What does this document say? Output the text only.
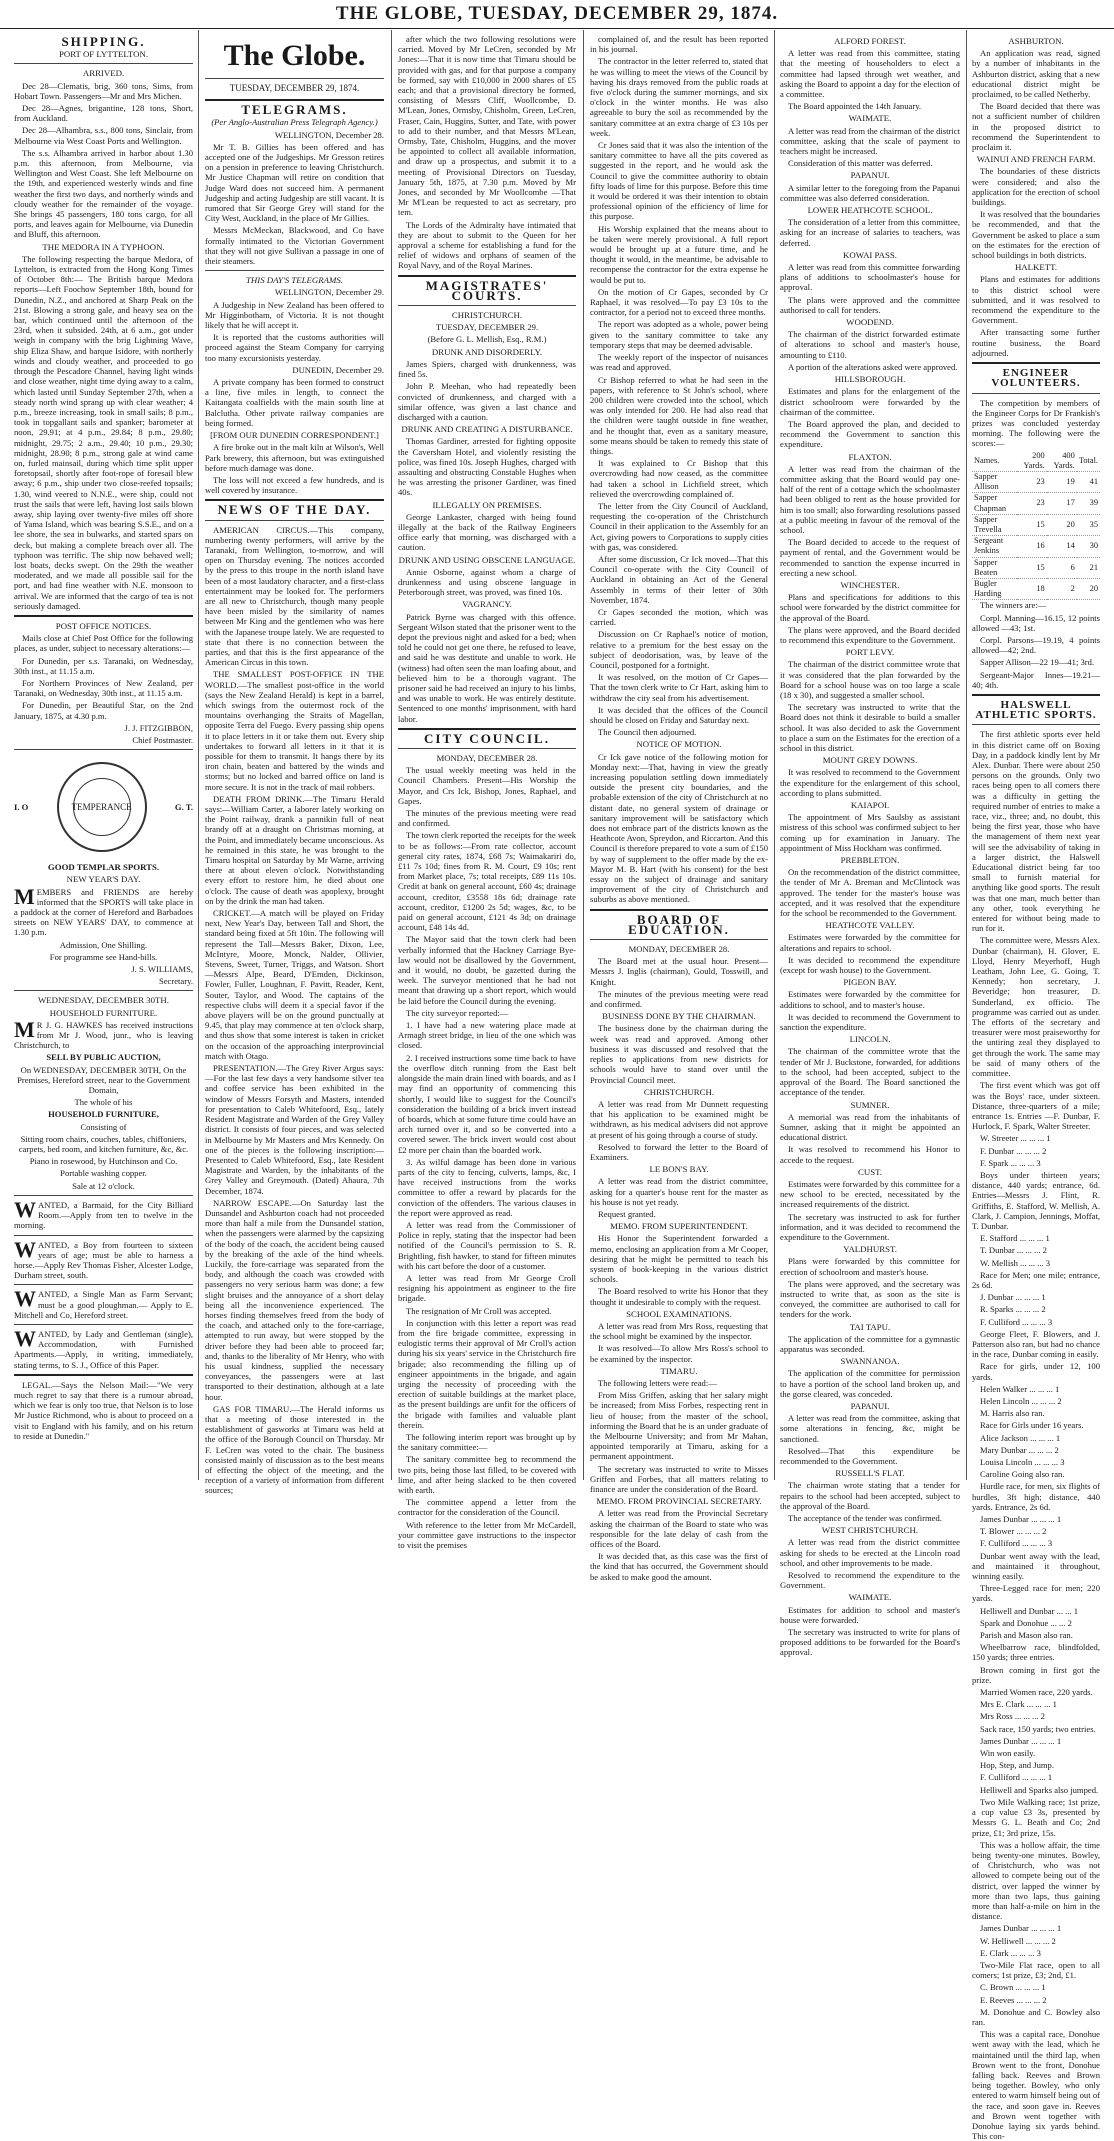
THE GLOBE, TUESDAY, DECEMBER 29, 1874.
SHIPPING.
PORT OF LYTTELTON.
ARRIVED.

Dec 28—Clematis, brig, 360 tons, Sims, from Hobart Town. Passengers—Mr and Mrs Michen.

Dec 28—Agnes, brigantine, 128 tons, Short, from Auckland.

Dec 28—Alhambra, s.s., 800 tons, Sinclair, from Melbourne via West Coast Ports and Wellington.

The s.s. Alhambra arrived in harbor about 1.30 p.m. this afternoon, from Melbourne, via Wellington and West Coast. She left Melbourne on the 19th, and experienced westerly winds and fine weather the first two days, and northerly winds and cloudy weather for the remainder of the voyage. She brings 45 passengers, 180 tons cargo, for all ports, and leaves again for Melbourne, via Dunedin and Bluff, this afternoon.

THE MEDORA IN A TYPHOON.

The following respecting the barque Medora, of Lyttelton, is extracted from the Hong Kong Times of October 8th:— The British barque Medora reports—Left Foochow September 18th, bound for Dunedin, N.Z., and anchored at Sharp Peak on the 21st. Blowing a strong gale, and heavy sea on the bar, which continued until the afternoon of the 23rd, when it subsided. 24th, at 6 a.m., got under weigh in company with the brig Lightning Wave, ship Eliza Shaw, and barque Isidore, with northerly winds and cloudy weather, and proceeded to go through the Pescadore Channel, having light winds and close weather, night time dying away to a calm, which lasted until Sunday September 27th, when a steady north wind sprang up with clear weather; 4 p.m., breeze increasing, took in small sails; 8 p.m., took in topgallant sails and spanker; barometer at noon, 29.91; at 4 p.m., 29.84; 8 p.m., 29.80; midnight, 29.75; 2 a.m., 29.40; 10 p.m., 29.30; midnight, 28.90; 8 p.m., strong gale at wind came on, furled mainsail, during which time split upper foretopsail, shortly after foot-rope of foresail blew away; 6 p.m., ship under two close-reefed topsails; 1.30, wind veered to N.N.E., were ship, could not trust the sails that were left, having lost sails blown away, ship laying over twenty-five miles off shore of Yama Island, which was bearing S.S.E., and on a lee shore, the sea in bulwarks, and started spars on deck, but making a complete breach over all. The typhoon was terrific. The ship now behaved well; lost boats, decks swept. On the 29th the weather moderated, and we made all possible sail for the port, and had fine weather with N.E. monsoon to arrival. We are informed that the cargo of tea is not seriously damaged.

POST OFFICE NOTICES.

Mails close at Chief Post Office for the following places, as under, subject to necessary alterations:—

For Dunedin, per s.s. Taranaki, on Wednesday, 30th inst., at 11.15 a.m.

For Northern Provinces of New Zealand, per Taranaki, on Wednesday, 30th inst., at 11.15 a.m.

For Dunedin, per Beautiful Star, on the 2nd January, 1875, at 4.30 p.m.

J. J. FITZGIBBON,

Chief Postmaster.

I. O	TEMPERANCE	G. T.
GOOD TEMPLAR SPORTS.
NEW YEAR'S DAY.

MEMBERS and FRIENDS are hereby informed that the SPORTS will take place in a paddock at the corner of Hereford and Barbadoes streets on NEW YEARS' DAY, to commence at 1.30 p.m.

Admission, One Shilling.

For programme see Hand-bills.

J. S. WILLIAMS,

Secretary.

WEDNESDAY, DECEMBER 30TH.
HOUSEHOLD FURNITURE.

M R J. G. HAWKES has received instructions from Mr J. Wood, junr., who is leaving Christchurch, to

SELL BY PUBLIC AUCTION,

On WEDNESDAY, DECEMBER 30TH, On the Premises, Hereford street, near to the Government Domain,

The whole of his

HOUSEHOLD FURNITURE,

Consisting of

Sitting room chairs, couches, tables, chiffoniers, carpets, bed room, and kitchen furniture, &c, &c.

Piano in rosewood, by Hutchinson and Co.

Portable washing copper.

Sale at 12 o'clock.

WANTED, a Barmaid, for the City Billiard Room.—Apply from ten to twelve in the morning.

WANTED, a Boy from fourteen to sixteen years of age; must be able to harness a horse.—Apply Rev Thomas Fisher, Alcester Lodge, Durham street, south.

WANTED, a Single Man as Farm Servant; must be a good ploughman.— Apply to E. Mitchell and Co, Hereford street.

WANTED, by Lady and Gentleman (single), Accommodation, with Furnished Apartments.—Apply, in writing, immediately, stating terms, to S. J., Office of this Paper.

LEGAL.—Says the Nelson Mail:—"We very much regret to say that there is a rumour abroad, which we fear is only too true, that Nelson is to lose Mr Justice Richmond, who is about to proceed on a visit to England with his family, and on his return to reside at Dunedin."

The Globe.
TUESDAY, DECEMBER 29, 1874.
TELEGRAMS.

(Per Anglo-Australian Press Telegraph Agency.)

WELLINGTON, December 28.

Mr T. B. Gillies has been offered and has accepted one of the Judgeships. Mr Gresson retires on a pension in preference to leaving Christchurch. Mr Justice Chapman will retire on condition that Judge Ward does not succeed him. A permanent Judgeship and acting Judgeship are still vacant. It is rumored that Sir George Grey will stand for the City West, Auckland, in the place of Mr Gillies.

Messrs McMeckan, Blackwood, and Co have formally intimated to the Victorian Government that they will not give Sullivan a passage in one of their steamers.

THIS DAY'S TELEGRAMS.

WELLINGTON, December 29.

A Judgeship in New Zealand has been offered to Mr Higginbotham, of Victoria. It is not thought likely that he will accept it.

It is reported that the customs authorities will proceed against the Steam Company for carrying too many excursionists yesterday.

DUNEDIN, December 29.

A private company has been formed to construct a line, five miles in length, to connect the Kaitangata coalfields with the main south line at Balclutha. Other private railway companies are being formed.

[FROM OUR DUNEDIN CORRESPONDENT.]

A fire broke out in the malt kiln at Wilson's, Well Park brewery, this afternoon, but was extinguished before much damage was done.

The loss will not exceed a few hundreds, and is well covered by insurance.

NEWS OF THE DAY.

AMERICAN CIRCUS.—This company, numbering twenty performers, will arrive by the Taranaki, from Wellington, to-morrow, and will open on Thursday evening. The notices accorded by the press to this troupe in the north island have been of a most laudatory character, and a first-class entertainment may be looked for. The performers are all new to Christchurch, though many people have been misled by the similarity of names between Mr King and the gentlemen who was here with the Japanese troupe lately. We are requested to state that there is no connection between the parties, and that this is the first appearance of the American Circus in this town.

THE SMALLEST POST-OFFICE IN THE WORLD.—The smallest post-office in the world (says the New Zealand Herald) is kept in a barrel, which swings from the outermost rock of the mountains overhanging the Straits of Magellan, opposite Terra del Fuego. Every passing ship opens it to place letters in it or take them out. Every ship undertakes to forward all letters in it that it is possible for them to transmit. It hangs there by its iron chain, beaten and battered by the winds and storms; but no locked and barred office on land is more secure. It is not in the track of mail robbers.

DEATH FROM DRINK.—The Timaru Herald says:—William Carter, a laborer lately working on the Point railway, drank a pannikin full of neat brandy off at a draught on Christmas morning, at the Point, and immediately became unconscious. As he remained in this state, he was brought to the Timaru hospital on Saturday by Mr Warne, arriving there at about eleven o'clock. Notwithstanding every effort to restore him, he died about one o'clock. The cause of death was apoplexy, brought on by the drink the man had taken.

CRICKET.—A match will be played on Friday next, New Year's Day, between Tall and Short, the standard being fixed at 5ft 10in. The following will represent the Tall—Messrs Baker, Dixon, Lee, McIntyre, Moore, Monck, Nalder, Ollivier, Stevens, Sweet, Turner, Triggs, and Watson. Short—Messrs Alpe, Beard, D'Emden, Dickinson, Fowler, Fuller, Loughnan, F. Pavitt, Reader, Kent, Souter, Taylor, and Wood. The captains of the respective clubs will deem it a special favor if the above players will be on the ground punctually at 9.45, that play may commence at ten o'clock sharp, and thus show that some interest is taken in cricket on the occasion of the approaching interprovincial match with Otago.

PRESENTATION.—The Grey River Argus says:—For the last few days a very handsome silver tea and coffee service has been exhibited in the window of Messrs Forsyth and Masters, intended for presentation to Caleb Whitefoord, Esq., lately Resident Magistrate and Warden of the Grey Valley district. It consists of four pieces, and was selected in Melbourne by Mr Masters and Mrs Kennedy. On one of the pieces is the following inscription:—Presented to Caleb Whitefoord, Esq., late Resident Magistrate and Warden, by the inhabitants of the Grey Valley and Greymouth. (Dated) Ahaura, 7th December, 1874.

NARROW ESCAPE.—On Saturday last the Dunsandel and Ashburton coach had not proceeded more than half a mile from the Dunsandel station, when the passengers were alarmed by the capsizing of the body of the coach, the accident being caused by the breaking of the axle of the hind wheels. Luckily, the fore-carriage was separated from the body, and although the coach was crowded with passengers no very serious harm was done; a few slight bruises and the annoyance of a short delay being all the inconvenience experienced. The horses finding themselves freed from the body of the coach, and attached only to the fore-carriage, attempted to run away, but were stopped by the driver before they had been able to proceed far; and, thanks to the liberality of Mr Henry, who with his usual kindness, supplied the necessary conveyances, the passengers were at last transported to their destination, although at a late hour.

GAS FOR TIMARU.—The Herald informs us that a meeting of those interested in the establishment of gasworks at Timaru was held at the office of the Borough Council on Thursday. Mr F. LeCren was voted to the chair. The business consisted mainly of discussion as to the best means of effecting the object of the meeting, and the reception of a variety of information from different sources;

after which the two following resolutions were carried. Moved by Mr LeCren, seconded by Mr Jones:—That it is now time that Timaru should be provided with gas, and for that purpose a company be formed, say with £10,000 in 2000 shares of £5 each; and that a provisional directory be formed, consisting of Messrs Cliff, Woollcombe, D. M'Lean, Jones, Ormsby, Chisholm, Green, LeCren, Fraser, Cain, Huggins, Sutter, and Tate, with power to add to their number, and that Messrs M'Lean, Ormsby, Tate, Chisholm, Huggins, and the mover be appointed to collect all available information, and draw up a prospectus, and submit it to a meeting of Provisional Directors on Tuesday, January 5th, 1875, at 7.30 p.m. Moved by Mr Jones, and seconded by Mr Woollcombe —That Mr M'Lean be requested to act as secretary, pro tem.

The Lords of the Admiralty have intimated that they are about to submit to the Queen for her approval a scheme for establishing a fund for the relief of widows and orphans of seamen of the Royal Navy, and of the Royal Marines.

MAGISTRATES' COURTS.
CHRISTCHURCH.

TUESDAY, DECEMBER 29.

(Before G. L. Mellish, Esq., R.M.)

DRUNK AND DISORDERLY.

James Spiers, charged with drunkenness, was fined 5s.

John P. Meehan, who had repeatedly been convicted of drunkenness, and charged with a similar offence, was given a last chance and discharged with a caution.

DRUNK AND CREATING A DISTURBANCE.

Thomas Gardiner, arrested for fighting opposite the Caversham Hotel, and violently resisting the police, was fined 10s. Joseph Hughes, charged with assaulting and obstructing Constable Hughes when he was arresting the prisoner Gardiner, was fined 40s.

ILLEGALLY ON PREMISES.

George Lankaster, charged with being found illegally at the back of the Railway Engineers office early that morning, was discharged with a caution.

DRUNK AND USING OBSCENE LANGUAGE.

Annie Osborne, against whom a charge of drunkenness and using obscene language in Peterborough street, was proved, was fined 10s.

VAGRANCY.

Patrick Byrne was charged with this offence. Sergeant Wilson stated that the prisoner went to the depot the previous night and asked for a bed; when told he could not get one there, he refused to leave, and said he was destitute and unable to work. He (witness) had often seen the man loafing about, and believed him to be a thorough vagrant. The prisoner said he had received an injury to his limbs, and was unable to work. He was entirely destitute. Sentenced to one months' imprisonment, with hard labor.

CITY COUNCIL.

MONDAY, DECEMBER 28.

The usual weekly meeting was held in the Council Chambers. Present—His Worship the Mayor, and Crs Ick, Bishop, Jones, Raphael, and Gapes.

The minutes of the previous meeting were read and confirmed.

The town clerk reported the receipts for the week to be as follows:—From rate collector, account general city rates, 1874, £68 7s; Waimakariri do, £11 7s 10d; fines from R. M. Court, £9 10s; rent from Market place, 7s; total receipts, £89 11s 10s. Credit at bank on general account, £60 4s; drainage account, creditor, £3558 18s 6d; drainage rate account, creditor, £1200 2s 5d; wages, &c, to be paid on general account, £121 4s 3d; on drainage account, £48 14s 4d.

The Mayor said that the town clerk had been verbally informed that the Hackney Carriage Bye-law would not be disallowed by the Government, and it would, no doubt, be gazetted during the week. The surveyor mentioned that he had not meant that drawing up a short report, which would be laid before the Council during the evening.

The city surveyor reported:—

1. I have had a new watering place made at Armagh street bridge, in lieu of the one which was closed.

2. I received instructions some time back to have the overflow ditch running from the East belt alongside the main drain lined with boards, and as I may find an opportunity of commencing this shortly, I would like to suggest for the Council's consideration the building of a brick invert instead of boards, which at some future time could have an arch turned over it, and so be converted into a covered sewer. The brick invert would cost about £2 more per chain than the boarded work.

3. As wilful damage has been done in various parts of the city to fencing, culverts, lamps, &c, I have received instructions from the works committee to offer a reward by placards for the conviction of the offenders. The various clauses in the report were approved as read.

A letter was read from the Commissioner of Police in reply, stating that the inspector had been notified of the Council's permission to S. R. Brightling, fish hawker, to stand for fifteen minutes with his cart before the door of a customer.

A letter was read from Mr George Croll resigning his appointment as engineer to the fire brigade.

The resignation of Mr Croll was accepted.

In conjunction with this letter a report was read from the fire brigade committee, expressing in eulogistic terms their approval of Mr Croll's action during his six years' service in the Christchurch fire brigade; also recommending the filling up of engineer appointments in the brigade, and again urging the necessity of proceeding with the erection of suitable buildings at the market place, as the present buildings are unfit for the officers of the brigade with families and valuable plant therein.

The following interim report was brought up by the sanitary committee:—

The sanitary committee beg to recommend the two pits, being those last filled, to be covered with lime, and after being slacked to be then covered with earth.

The committee append a letter from the contractor for the consideration of the Council.

With reference to the letter from Mr McCardell, your committee gave instructions to the inspector to visit the premises

complained of, and the result has been reported in his journal.

The contractor in the letter referred to, stated that he was willing to meet the views of the Council by having his drays removed from the public roads at five o'clock during the summer mornings, and six o'clock in the winter months. He was also agreeable to bury the soil as recommended by the sanitary committee at an extra charge of £3 10s per week.

Cr Jones said that it was also the intention of the sanitary committee to have all the pits covered as suggested in the report, and he would ask the Council to give the committee authority to obtain fifty loads of lime for this purpose. Before this time it would be ordered it was their intention to obtain professional opinion of the efficiency of lime for this purpose.

His Worship explained that the means about to be taken were merely provisional. A full report would be brought up at a future time, and he thought it would, in the meantime, be advisable to recompense the contractor for the extra expense he would be put to.

On the motion of Cr Gapes, seconded by Cr Raphael, it was resolved—To pay £3 10s to the contractor, for a period not to exceed three months.

The report was adopted as a whole, power being given to the sanitary committee to take any temporary steps that may be deemed advisable.

The weekly report of the inspector of nuisances was read and approved.

Cr Bishop referred to what he had seen in the papers, with reference to St John's school, where 200 children were crowded into the school, which was only intended for 200. He had also read that the children were taught outside in fine weather, and he thought that, even as a sanitary measure, some means should be taken to remedy this state of things.

It was explained to Cr Bishop that this overcrowding had now ceased, as the committee had taken a school in Lichfield street, which relieved the overcrowding complained of.

The letter from the City Council of Auckland, requesting the co-operation of the Christchurch Council in their application to the Assembly for an Act, giving powers to Corporations to supply cities with gas, was considered.

After some discussion, Cr Ick moved—That this Council co-operate with the City Council of Auckland in obtaining an Act of the General Assembly in terms of their letter of 30th November, 1874.

Cr Gapes seconded the motion, which was carried.

Discussion on Cr Raphael's notice of motion, relative to a premium for the best essay on the subject of deodorisation, was, by leave of the Council, postponed for a fortnight.

It was resolved, on the motion of Cr Gapes—That the town clerk write to Cr Hart, asking him to withdraw the city seal from his advertisement.

It was decided that the offices of the Council should be closed on Friday and Saturday next.

The Council then adjourned.

NOTICE OF MOTION.

Cr Ick gave notice of the following motion for Monday next:—That, having in view the greatly increasing population settling down immediately outside the present city boundaries, and the probable extension of the city of Christchurch at no distant date, no general system of drainage or sanitary improvement will be satisfactory which does not embrace part of the districts known as the Heathcote Avon, Spreydon, and Riccarton. And this Council is therefore prepared to vote a sum of £150 by way of supplement to the offer made by the ex-Mayor M. B. Hart (with his consent) for the best essay on the subject of drainage and sanitary improvement of the city of Christchurch and suburbs as above mentioned.

BOARD OF EDUCATION.

MONDAY, DECEMBER 28.

The Board met at the usual hour. Present—Messrs J. Inglis (chairman), Gould, Tosswill, and Knight.

The minutes of the previous meeting were read and confirmed.

BUSINESS DONE BY THE CHAIRMAN.

The business done by the chairman during the week was read and approved. Among other business it was discussed and resolved that the replies to applications from new districts for schools would have to stand over until the Provincial Council meet.

CHRISTCHURCH.

A letter was read from Mr Dunnett requesting that his application to be examined might be withdrawn, as his medical advisers did not approve at present of his going through a course of study.

Resolved to forward the letter to the Board of Examiners.

LE BON'S BAY.

A letter was read from the district committee, asking for a quarter's house rent for the master as his house is not yet ready.

Request granted.

MEMO. FROM SUPERINTENDENT.

His Honor the Superintendent forwarded a memo, enclosing an application from a Mr Cooper, desiring that he might be permitted to teach his system of book-keeping in the various district schools.

The Board resolved to write his Honor that they thought it undesirable to comply with the request.

SCHOOL EXAMINATIONS.

A letter was read from Mrs Ross, requesting that the school might be examined by the inspector.

It was resolved—To allow Mrs Ross's school to be examined by the inspector.

TIMARU.

The following letters were read:—

From Miss Griffen, asking that her salary might be increased; from Miss Forbes, respecting rent in lieu of house; from the master of the school, informing the Board that he is an under graduate of the Melbourne University; and from Mr Mahan, appointed temporarily at Timaru, asking for a permanent appointment.

The secretary was instructed to write to Misses Griffen and Forbes, that all matters relating to finance are under the consideration of the Board.

MEMO. FROM PROVINCIAL SECRETARY.

A letter was read from the Provincial Secretary asking the chairman of the Board to state who was responsible for the late delay of cash from the offices of the Board.

It was decided that, as this case was the first of the kind that has occurred, the Government should be asked to make good the amount.

ALFORD FOREST.

A letter was read from this committee, stating that the meeting of householders to elect a committee had lapsed through wet weather, and asking the Board to appoint a day for the election of a committee.

The Board appointed the 14th January.

WAIMATE.

A letter was read from the chairman of the district committee, asking that the scale of payment to teachers might be increased.

Consideration of this matter was deferred.

PAPANUI.

A similar letter to the foregoing from the Papanui committee was also deferred consideration.

LOWER HEATHCOTE SCHOOL.

The consideration of a letter from this committee, asking for an increase of salaries to teachers, was deferred.

KOWAI PASS.

A letter was read from this committee forwarding plans of additions to schoolmaster's house for approval.

The plans were approved and the committee authorised to call for tenders.

WOODEND.

The chairman of the district forwarded estimate of alterations to school and master's house, amounting to £110.

A portion of the alterations asked were approved.

HILLSBOROUGH.

Estimates and plans for the enlargement of the district schoolroom were forwarded by the chairman of the committee.

The Board approved the plan, and decided to recommend the Government to sanction this expenditure.

FLAXTON.

A letter was read from the chairman of the committee asking that the Board would pay one-half of the rent of a cottage which the schoolmaster had been obliged to rent as the house provided for him is too small; also forwarding resolutions passed at a public meeting in favour of the removal of the school.

The Board decided to accede to the request of payment of rental, and the Government would be recommended to sanction the expense incurred in erecting a new school.

WINCHESTER.

Plans and specifications for additions to this school were forwarded by the district committee for the approval of the Board.

The plans were approved, and the Board decided to recommend this expenditure to the Government.

PORT LEVY.

The chairman of the district committee wrote that it was considered that the plan forwarded by the Board for a school house was on too large a scale (18 x 30), and suggested a smaller school.

The secretary was instructed to write that the Board does not think it desirable to build a smaller school. It was also decided to ask the Government to place a sum on the Estimates for the erection of a school in this district.

MOUNT GREY DOWNS.

It was resolved to recommend to the Government the expenditure for the enlargement of this school, according to plans submitted.

KAIAPOI.

The appointment of Mrs Saulsby as assistant mistress of this school was confirmed subject to her coming up for examination in January. The appointment of Miss Hockham was confirmed.

PREBBLETON.

On the recommendation of the district committee, the tender of Mr A. Breman and McClintock was approved. The tender for the master's house was accepted, and it was resolved that the expenditure for the school be recommended to the Government.

HEATHCOTE VALLEY.

Estimates were forwarded by the committee for alterations and repairs to school.

It was decided to recommend the expenditure (except for wash house) to the Government.

PIGEON BAY.

Estimates were forwarded by the committee for additions to school, and to master's house.

It was decided to recommend the Government to sanction the expenditure.

LINCOLN.

The chairman of the committee wrote that the tender of Mr J. Buckstone, forwarded, for additions to the school, had been accepted, subject to the approval of the Board. The Board sanctioned the acceptance of the tender.

SUMNER.

A memorial was read from the inhabitants of Sumner, asking that it might be appointed an educational district.

It was resolved to recommend his Honor to accede to the request.

CUST.

Estimates were forwarded by this committee for a new school to be erected, necessitated by the increased requirements of the district.

The secretary was instructed to ask for further information, and it was decided to recommend the expenditure to the Government.

YALDHURST.

Plans were forwarded by this committee for erection of schoolroom and master's house.

The plans were approved, and the secretary was instructed to write that, as soon as the site is conveyed, the committee are authorised to call for tenders for the work.

TAI TAPU.

The application of the committee for a gymnastic apparatus was seconded.

SWANNANOA.

The application of the committee for permission to have a portion of the school land broken up, and the gorse cleared, was conceded.

PAPANUI.

A letter was read from the committee, asking that some alterations in fencing, &c, might be sanctioned.

Resolved—That this expenditure be recommended to the Government.

RUSSELL'S FLAT.

The chairman wrote stating that a tender for repairs to the school had been accepted, subject to the approval of the Board.

The acceptance of the tender was confirmed.

WEST CHRISTCHURCH.

A letter was read from the district committee asking for sheds to be erected at the Lincoln road school, and other improvements to be made.

Resolved to recommend the expenditure to the Government.

WAIMATE.

Estimates for addition to school and master's house were forwarded.

The secretary was instructed to write for plans of proposed additions to be forwarded for the Board's approval.

ASHBURTON.

An application was read, signed by a number of inhabitants in the Ashburton district, asking that a new educational district might be proclaimed, to be called Netherby.

The Board decided that there was not a sufficient number of children in the proposed district to recommend the Superintendent to proclaim it.

WAINUI AND FRENCH FARM.

The boundaries of these districts were considered; and also the application for the erection of school buildings.

It was resolved that the boundaries be recommended, and that the Government be asked to place a sum on the estimates for the erection of school buildings in both districts.

HALKETT.

Plans and estimates for additions to this district school were submitted, and it was resolved to recommend the expenditure to the Government.

After transacting some further routine business, the Board adjourned.

ENGINEER VOLUNTEERS.

The competition by members of the Engineer Corps for Dr Frankish's prizes was concluded yesterday morning. The following were the scores:—

Names.	200 Yards.	400 Yards.	Total.
Sapper Allison	23	19	41
Sapper Chapman	23	17	39
Sapper Trevella	15	20	35
Sergeant Jenkins	16	14	30
Sapper Beaten	15	6	21
Bugler Harding	18	2	20

The winners are:—

Corpl. Manning—16.15, 12 points allowed —43; 1st.

Corpl. Parsons—19.19, 4 points allowed—42; 2nd.

Sapper Allison—22 19—41; 3rd.

Sergeant-Major Innes—19.21—40; 4th.

HALSWELL ATHLETIC SPORTS.

The first athletic sports ever held in this district came off on Boxing Day, in a paddock kindly lent by Mr Alex. Dunbar. There were about 250 persons on the grounds. Only two races being open to all comers there was a difficulty in getting the required number of entries to make a race, viz., three; and, no doubt, this being the first year, those who have the management of them next year will see the advisability of taking in a larger district, the Halswell Educational district being far too small to furnish material for anything like good sports. The result was that one man, much better than any other, took everything he entered for without being made to run for it.

The committee were, Messrs Alex. Dunbar (chairman), H. Glover, E. Lloyd, Henry Meyerhoff, Hugh Leatham, John Lee, G. Going, T. Kennedy; hon secretary, J. Beveridge; hon treasurer, D. Sunderland, ex officio. The programme was carried out as under. The efforts of the secretary and treasurer were most praiseworthy for the untiring zeal they displayed to get through the work. The same may be said of many others of the committee.

The first event which was got off was the Boys' race, under sixteen. Distance, three-quarters of a mile; entrance 1s. Entries —F. Dunbar, F. Hurlock, F. Spark, Walter Streeter.

W. Streeter ... ... ... 1

F. Dunbar ... ... ... 2

F. Spark ... ... ... 3

Boys under thirteen years; distance, 440 yards; entrance, 6d. Entries—Messrs J. Flint, R. Griffiths, E. Stafford, W. Mellish, A. Clark, J. Campion, Jennings, Moffat, T. Dunbar.

E. Stafford ... ... ... 1

T. Dunbar ... ... ... 2

W. Mellish ... ... ... 3

Race for Men; one mile; entrance, 2s 6d.

J. Dunbar ... ... ... 1

R. Sparks ... ... ... 2

F. Culliford ... ... ... 3

George Fleet, F. Blowers, and J. Patterson also ran, but had no chance in the race, Dunbar coming in easily.

Race for girls, under 12, 100 yards.

Helen Walker ... ... ... 1

Helen Lincoln ... ... ... 2

M. Harris also ran.

Race for Girls under 16 years.

Alice Jackson ... ... ... 1

Mary Dunbar ... ... ... 2

Louisa Lincoln ... ... ... 3

Caroline Going also ran.

Hurdle race, for men, six flights of hurdles, 3ft high; distance, 440 yards. Entrance, 2s 6d.

James Dunbar ... ... ... 1

T. Blower ... ... ... 2

F. Culliford ... ... ... 3

Dunbar went away with the lead, and maintained it throughout, winning easily.

Three-Legged race for men; 220 yards.

Helliwell and Dunbar ... ... 1

Spark and Donohue ... ... 2

Parish and Mason also ran.

Wheelbarrow race, blindfolded, 150 yards; three entries.

Brown coming in first got the prize.

Married Women race, 220 yards.

Mrs E. Clark ... ... ... 1

Mrs Ross ... ... ... 2

Sack race, 150 yards; two entries.

James Dunbar ... ... ... 1

Win won easily.

Hop, Step, and Jump.

F. Culliford ... ... ... 1

Helliwell and Sparks also jumped.

Two Mile Walking race; 1st prize, a cup value £3 3s, presented by Messrs G. L. Beath and Co; 2nd prize, £1; 3rd prize, 15s.

This was a hollow affair, the time being twenty-one minutes. Bowley, of Christchurch, who was not allowed to compete being out of the district, over lapped the winner by more than two laps, thus gaining more than half-a-mile on him in the distance.

James Dunbar ... ... ... 1

W. Helliwell ... ... ... 2

E. Clark ... ... ... 3

Two-Mile Flat race, open to all comers; 1st prize, £3; 2nd, £1.

C. Brown ... ... ... 1

E. Reeves ... ... ... 2

M. Donohue and C. Bowley also ran.

This was a capital race, Donohue went away with the lead, which he maintained until the third lap, when Brown went to the front, Donohue falling back. Reeves and Brown being together. Bowley, who only entered to warm himself being out of the race, and soon gave in. Reeves and Brown went together with Donohue laying six yards behind. This con-
